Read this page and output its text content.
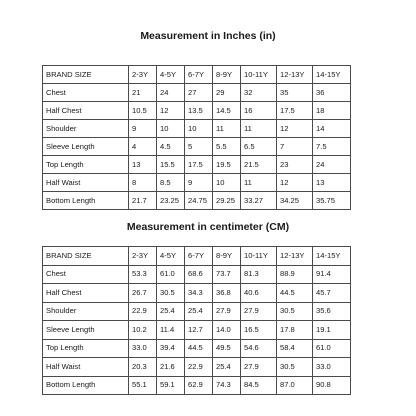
Measurement in Inches (in)

BRAND SIZE	2-3Y	4-5Y	6-7Y	8-9Y	10-11Y	12-13Y	14-15Y
Chest	21	24	27	29	32	35	36
Half Chest	10.5	12	13.5	14.5	16	17.5	18
Shoulder	9	10	10	11	11	12	14
Sleeve Length	4	4.5	5	5.5	6.5	7	7.5
Top Length	13	15.5	17.5	19.5	21.5	23	24
Half Waist	8	8.5	9	10	11	12	13
Bottom Length	21.7	23.25	24.75	29.25	33.27	34.25	35.75

Measurement in centimeter (CM)

BRAND SIZE	2-3Y	4-5Y	6-7Y	8-9Y	10-11Y	12-13Y	14-15Y
Chest	53.3	61.0	68.6	73.7	81.3	88.9	91.4
Half Chest	26.7	30.5	34.3	36.8	40.6	44.5	45.7
Shoulder	22.9	25.4	25.4	27.9	27.9	30.5	35.6
Sleeve Length	10.2	11.4	12.7	14.0	16.5	17.8	19.1
Top Length	33.0	39.4	44.5	49.5	54.6	58.4	61.0
Half Waist	20.3	21.6	22.9	25.4	27.9	30.5	33.0
Bottom Length	55.1	59.1	62.9	74.3	84.5	87.0	90.8
